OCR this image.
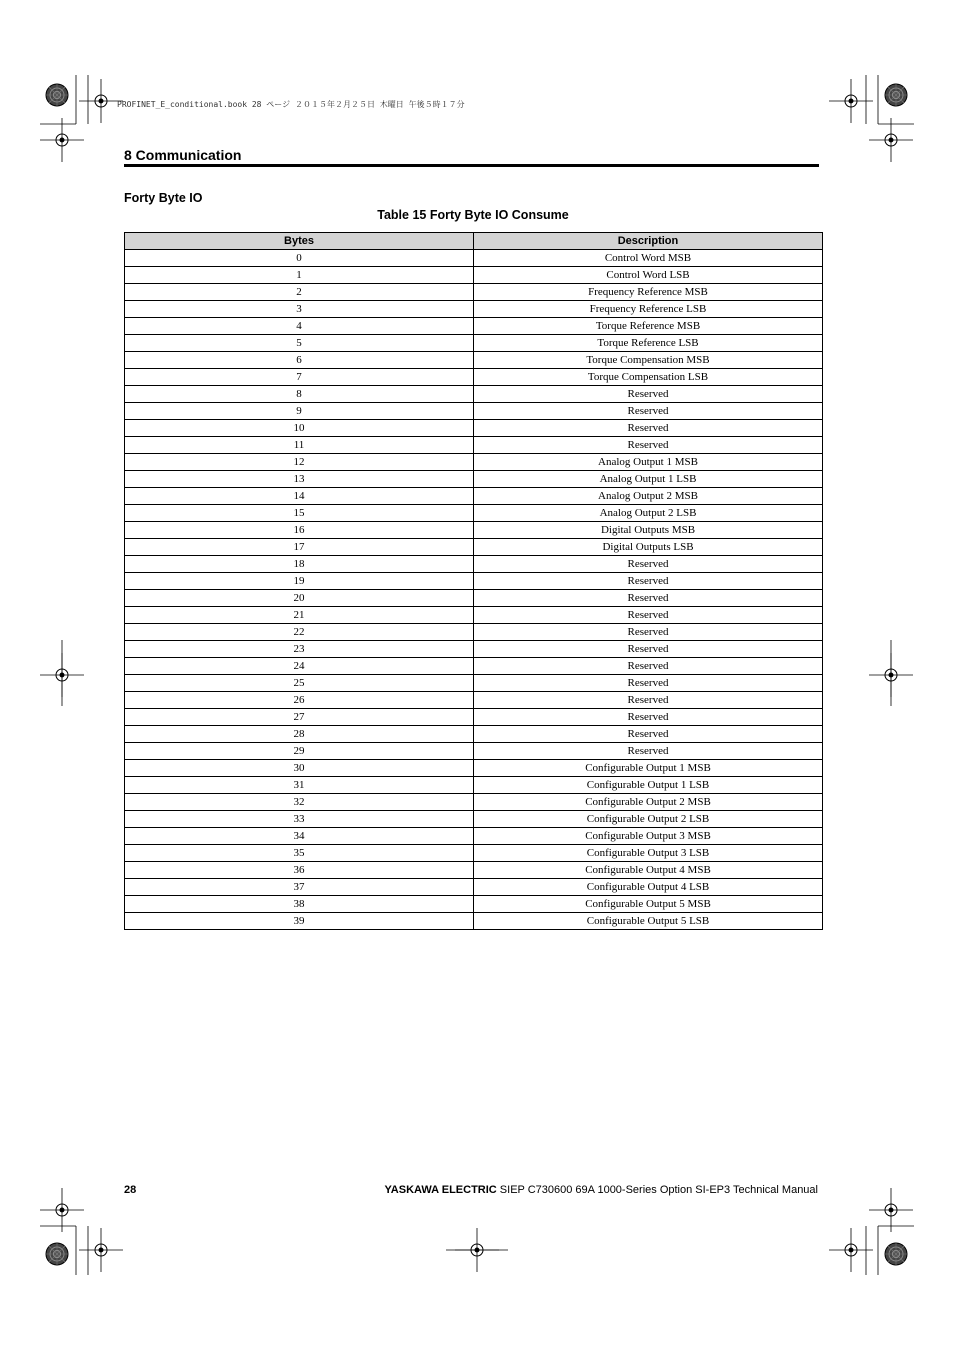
PROFINET_E_conditional.book 28 ページ ２０１５年２月２５日 木曜日 午後５時１７分
8 Communication
Forty Byte IO
Table 15 Forty Byte IO Consume
Bytes	Description
0	Control Word MSB
1	Control Word LSB
2	Frequency Reference MSB
3	Frequency Reference LSB
4	Torque Reference MSB
5	Torque Reference LSB
6	Torque Compensation MSB
7	Torque Compensation LSB
8	Reserved
9	Reserved
10	Reserved
11	Reserved
12	Analog Output 1 MSB
13	Analog Output 1 LSB
14	Analog Output 2 MSB
15	Analog Output 2 LSB
16	Digital Outputs MSB
17	Digital Outputs LSB
18	Reserved
19	Reserved
20	Reserved
21	Reserved
22	Reserved
23	Reserved
24	Reserved
25	Reserved
26	Reserved
27	Reserved
28	Reserved
29	Reserved
30	Configurable Output 1 MSB
31	Configurable Output 1 LSB
32	Configurable Output 2 MSB
33	Configurable Output 2 LSB
34	Configurable Output 3 MSB
35	Configurable Output 3 LSB
36	Configurable Output 4 MSB
37	Configurable Output 4 LSB
38	Configurable Output 5 MSB
39	Configurable Output 5 LSB
28	YASKAWA ELECTRIC SIEP C730600 69A 1000-Series Option SI-EP3 Technical Manual
